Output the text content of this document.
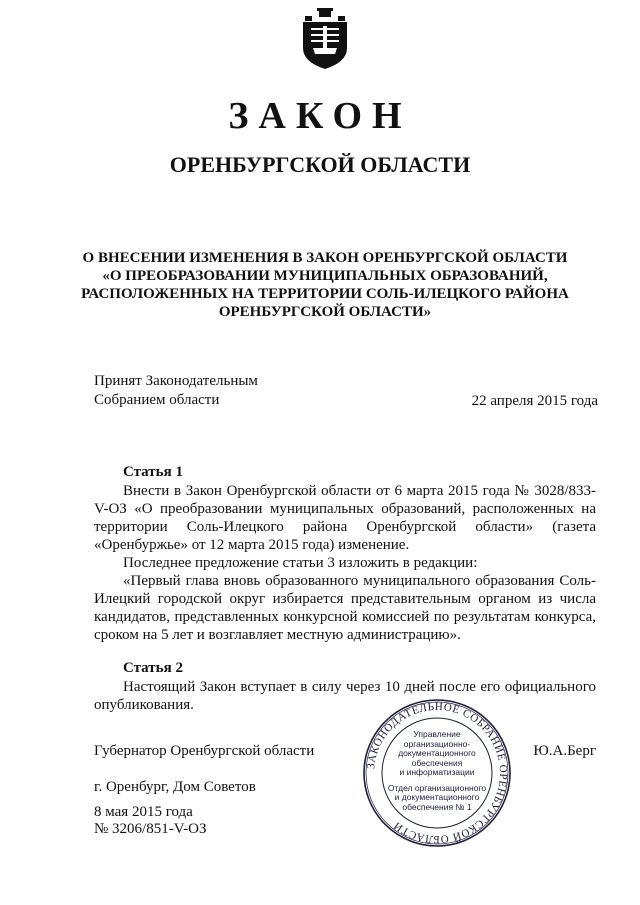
ЗАКОН
ОРЕНБУРГСКОЙ ОБЛАСТИ
О ВНЕСЕНИИ ИЗМЕНЕНИЯ В ЗАКОН ОРЕНБУРГСКОЙ ОБЛАСТИ
«О ПРЕОБРАЗОВАНИИ МУНИЦИПАЛЬНЫХ ОБРАЗОВАНИЙ,
РАСПОЛОЖЕННЫХ НА ТЕРРИТОРИИ СОЛЬ-ИЛЕЦКОГО РАЙОНА
ОРЕНБУРГСКОЙ ОБЛАСТИ»
Принят Законодательным
Собранием области	22 апреля 2015 года
Статья 1
Внести в Закон Оренбургской области от 6 марта 2015 года № 3028/833-V-ОЗ «О преобразовании муниципальных образований, расположенных на территории Соль-Илецкого района Оренбургской области» (газета «Оренбуржье» от 12 марта 2015 года) изменение.
Последнее предложение статьи 3 изложить в редакции:
«Первый глава вновь образованного муниципального образования Соль-Илецкий городской округ избирается представительным органом из числа кандидатов, представленных конкурсной комиссией по результатам конкурса, сроком на 5 лет и возглавляет местную администрацию».
Статья 2
Настоящий Закон вступает в силу через 10 дней после его официального опубликования.
Губернатор Оренбургской области	Ю.А.Берг
г. Оренбург, Дом Советов
8 мая 2015 года
№ 3206/851-V-ОЗ
ЗАКОНОДАТЕЛЬНОЕ СОБРАНИЕ ОРЕНБУРГСКОЙ ОБЛАСТИ
Управление
организационно-
документационного
обеспечения
и информатизации
Отдел организационного
и документационного
обеспечения № 1
